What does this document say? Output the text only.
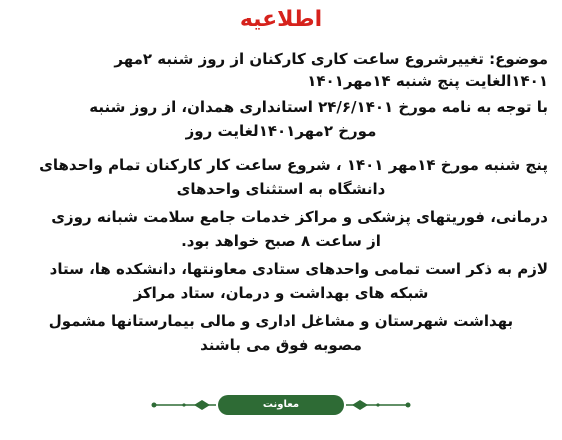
اطلاعیه
موضوع: تغییرشروع ساعت کاری کارکنان از روز شنبه ۲مهر
۱۴۰۱الغایت پنج شنبه ۱۴مهر۱۴۰۱
با توجه به نامه مورخ ۲۴/۶/۱۴۰۱ استانداری همدان، از روز شنبه
مورخ ۲مهر۱۴۰۱لغایت روز
پنج شنبه مورخ ۱۴مهر ۱۴۰۱ ، شروع ساعت کار کارکنان تمام واحدهای
دانشگاه به استثنای واحدهای
درمانی، فوریتهای پزشکی و مراکز خدمات جامع سلامت شبانه روزی
از ساعت ۸ صبح خواهد بود.
لازم به ذکر است تمامی واحدهای ستادی معاونتها، دانشکده ها، ستاد
شبکه های بهداشت و درمان، ستاد مراکز
بهداشت شهرستان و مشاغل اداری و مالی بیمارستانها مشمول
مصوبه فوق می باشند
معاونت توسعه‌مدیریت‌ومنابع
